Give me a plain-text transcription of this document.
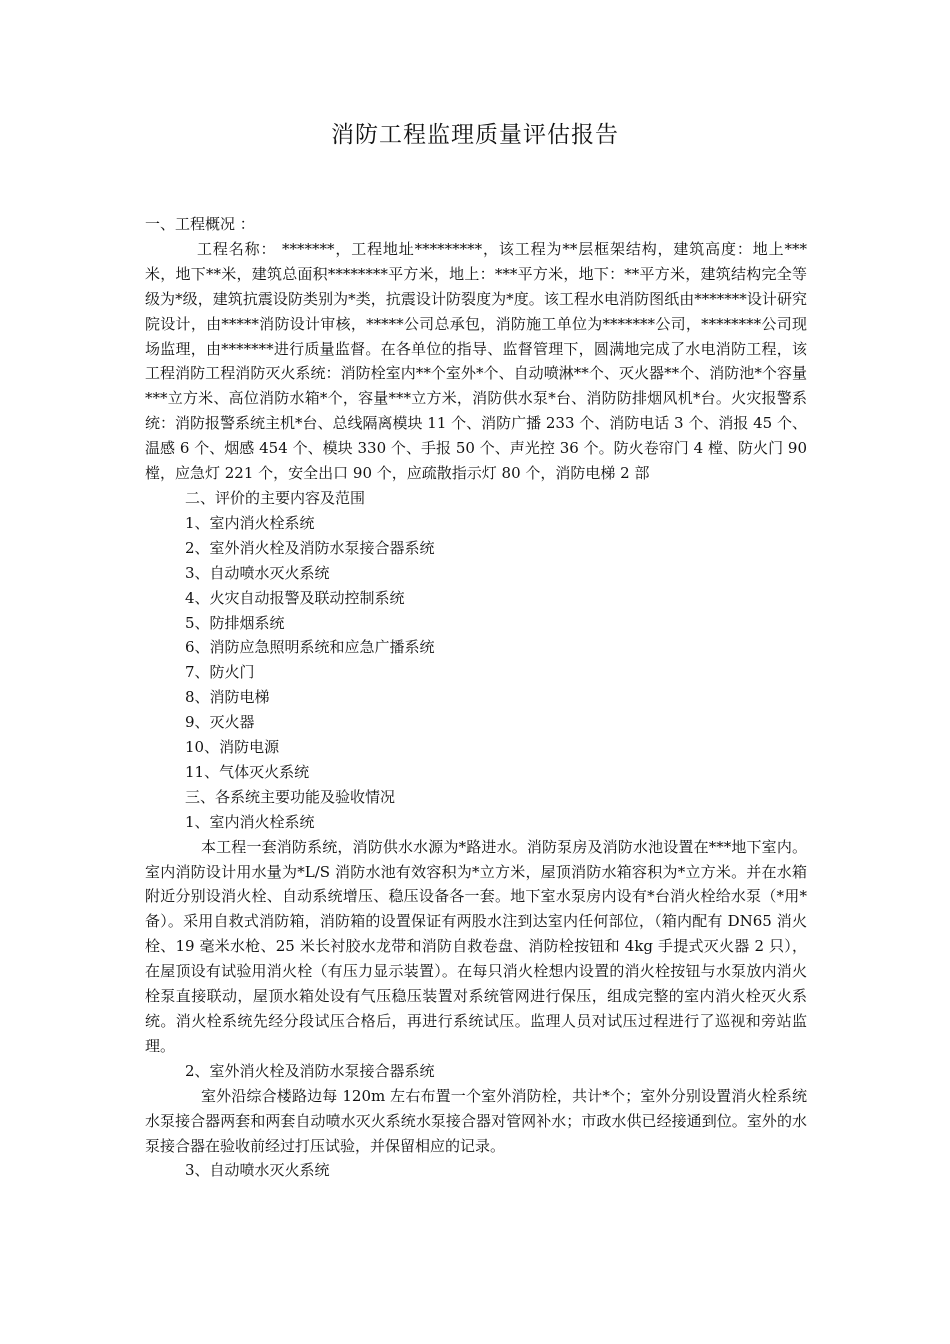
消防工程监理质量评估报告

一、工程概况 ：

工程名称： *******，工程地址*********，该工程为**层框架结构，建筑高度：地上***米，地下**米，建筑总面积********平方米，地上：***平方米，地下：**平方米，建筑结构完全等级为*级，建筑抗震设防类别为*类，抗震设计防裂度为*度。该工程水电消防图纸由*******设计研究院设计，由*****消防设计审核，*****公司总承包，消防施工单位为*******公司，********公司现场监理，由*******进行质量监督。在各单位的指导、监督管理下，圆满地完成了水电消防工程，该工程消防工程消防灭火系统：消防栓室内**个室外*个、自动喷淋**个、灭火器**个、消防池*个容量***立方米、高位消防水箱*个，容量***立方米，消防供水泵*台、消防防排烟风机*台。火灾报警系统：消防报警系统主机*台、总线隔离模块 11 个、消防广播 233 个、消防电话 3 个、消报 45 个、温感 6 个、烟感 454 个、模块 330 个、手报 50 个、声光控 36 个。防火卷帘门 4 樘、防火门 90 樘，应急灯 221 个，安全出口 90 个，应疏散指示灯 80 个，消防电梯 2 部

二、评价的主要内容及范围

1、室内消火栓系统

2、室外消火栓及消防水泵接合器系统

3、自动喷水灭火系统

4、火灾自动报警及联动控制系统

5、防排烟系统

6、消防应急照明系统和应急广播系统

7、防火门

8、消防电梯

9、灭火器

10、消防电源

11、气体灭火系统

三、各系统主要功能及验收情况

1、室内消火栓系统

本工程一套消防系统，消防供水水源为*路进水。消防泵房及消防水池设置在***地下室内。室内消防设计用水量为*L/S 消防水池有效容积为*立方米，屋顶消防水箱容积为*立方米。并在水箱附近分别设消火栓、自动系统增压、稳压设备各一套。地下室水泵房内设有*台消火栓给水泵（*用*备）。采用自救式消防箱，消防箱的设置保证有两股水注到达室内任何部位，（箱内配有 DN65 消火栓、19 毫米水枪、25 米长衬胶水龙带和消防自救卷盘、消防栓按钮和 4kg 手提式灭火器 2 只），在屋顶设有试验用消火栓（有压力显示装置）。在每只消火栓想内设置的消火栓按钮与水泵放内消火栓泵直接联动，屋顶水箱处设有气压稳压装置对系统管网进行保压，组成完整的室内消火栓灭火系统。消火栓系统先经分段试压合格后，再进行系统试压。监理人员对试压过程进行了巡视和旁站监理。

2、室外消火栓及消防水泵接合器系统

室外沿综合楼路边每 120m 左右布置一个室外消防栓，共计*个；室外分别设置消火栓系统水泵接合器两套和两套自动喷水灭火系统水泵接合器对管网补水；市政水供已经接通到位。室外的水泵接合器在验收前经过打压试验，并保留相应的记录。

3、自动喷水灭火系统
